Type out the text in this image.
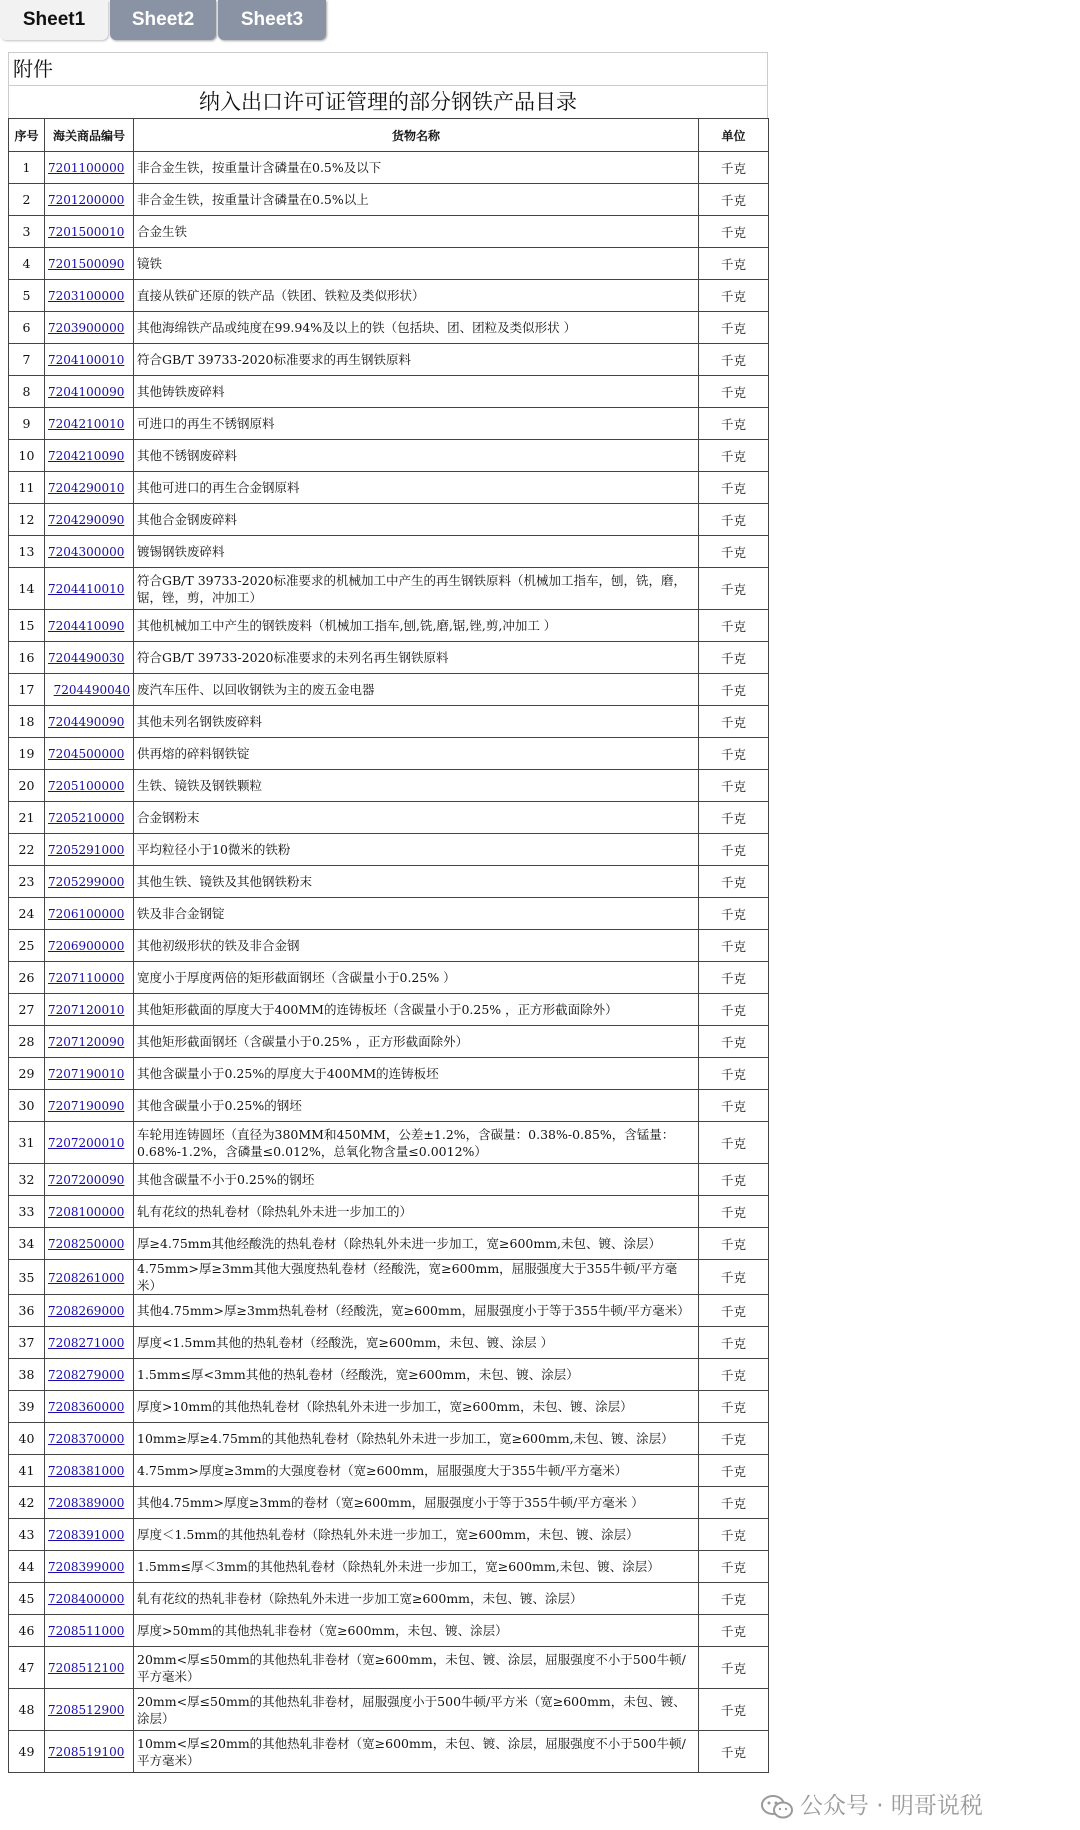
Sheet1	Sheet2	Sheet3
附件
纳入出口许可证管理的部分钢铁产品目录
序号	海关商品编号	货物名称	单位
1	7201100000	非合金生铁，按重量计含磷量在0.5%及以下	千克
2	7201200000	非合金生铁，按重量计含磷量在0.5%以上	千克
3	7201500010	合金生铁	千克
4	7201500090	镜铁	千克
5	7203100000	直接从铁矿还原的铁产品（铁团、铁粒及类似形状）	千克
6	7203900000	其他海绵铁产品或纯度在99.94%及以上的铁（包括块、团、团粒及类似形状 ）	千克
7	7204100010	符合GB/T 39733-2020标准要求的再生钢铁原料	千克
8	7204100090	其他铸铁废碎料	千克
9	7204210010	可进口的再生不锈钢原料	千克
10	7204210090	其他不锈钢废碎料	千克
11	7204290010	其他可进口的再生合金钢原料	千克
12	7204290090	其他合金钢废碎料	千克
13	7204300000	镀锡钢铁废碎料	千克
14	7204410010	符合GB/T 39733-2020标准要求的机械加工中产生的再生钢铁原料（机械加工指车，刨，铣，磨，锯，锉，剪，冲加工）	千克
15	7204410090	其他机械加工中产生的钢铁废料（机械加工指车,刨,铣,磨,锯,锉,剪,冲加工 ）	千克
16	7204490030	符合GB/T 39733-2020标准要求的未列名再生钢铁原料	千克
17	7204490040	废汽车压件、以回收钢铁为主的废五金电器	千克
18	7204490090	其他未列名钢铁废碎料	千克
19	7204500000	供再熔的碎料钢铁锭	千克
20	7205100000	生铁、镜铁及钢铁颗粒	千克
21	7205210000	合金钢粉末	千克
22	7205291000	平均粒径小于10微米的铁粉	千克
23	7205299000	其他生铁、镜铁及其他钢铁粉末	千克
24	7206100000	铁及非合金钢锭	千克
25	7206900000	其他初级形状的铁及非合金钢	千克
26	7207110000	宽度小于厚度两倍的矩形截面钢坯（含碳量小于0.25% ）	千克
27	7207120010	其他矩形截面的厚度大于400MM的连铸板坯（含碳量小于0.25% ，正方形截面除外）	千克
28	7207120090	其他矩形截面钢坯（含碳量小于0.25% ，正方形截面除外）	千克
29	7207190010	其他含碳量小于0.25%的厚度大于400MM的连铸板坯	千克
30	7207190090	其他含碳量小于0.25%的钢坯	千克
31	7207200010	车轮用连铸圆坯（直径为380MM和450MM，公差±1.2%，含碳量：0.38%-0.85%，含锰量：0.68%-1.2%，含磷量≤0.012%，总氧化物含量≤0.0012%）	千克
32	7207200090	其他含碳量不小于0.25%的钢坯	千克
33	7208100000	轧有花纹的热轧卷材（除热轧外未进一步加工的）	千克
34	7208250000	厚≥4.75mm其他经酸洗的热轧卷材（除热轧外未进一步加工，宽≥600mm,未包、镀、涂层）	千克
35	7208261000	4.75mm>厚≥3mm其他大强度热轧卷材（经酸洗，宽≥600mm，屈服强度大于355牛顿/平方毫米）	千克
36	7208269000	其他4.75mm>厚≥3mm热轧卷材（经酸洗，宽≥600mm，屈服强度小于等于355牛顿/平方毫米）	千克
37	7208271000	厚度<1.5mm其他的热轧卷材（经酸洗，宽≥600mm，未包、镀、涂层 ）	千克
38	7208279000	1.5mm≤厚<3mm其他的热轧卷材（经酸洗，宽≥600mm，未包、镀、涂层）	千克
39	7208360000	厚度>10mm的其他热轧卷材（除热轧外未进一步加工，宽≥600mm，未包、镀、涂层）	千克
40	7208370000	10mm≥厚≥4.75mm的其他热轧卷材（除热轧外未进一步加工，宽≥600mm,未包、镀、涂层）	千克
41	7208381000	4.75mm>厚度≥3mm的大强度卷材（宽≥600mm，屈服强度大于355牛顿/平方毫米）	千克
42	7208389000	其他4.75mm>厚度≥3mm的卷材（宽≥600mm，屈服强度小于等于355牛顿/平方毫米 ）	千克
43	7208391000	厚度＜1.5mm的其他热轧卷材（除热轧外未进一步加工，宽≥600mm，未包、镀、涂层）	千克
44	7208399000	1.5mm≤厚＜3mm的其他热轧卷材（除热轧外未进一步加工，宽≥600mm,未包、镀、涂层）	千克
45	7208400000	轧有花纹的热轧非卷材（除热轧外未进一步加工宽≥600mm，未包、镀、涂层）	千克
46	7208511000	厚度>50mm的其他热轧非卷材（宽≥600mm，未包、镀、涂层）	千克
47	7208512100	20mm<厚≤50mm的其他热轧非卷材（宽≥600mm，未包、镀、涂层，屈服强度不小于500牛顿/平方毫米）	千克
48	7208512900	20mm<厚≤50mm的其他热轧非卷材，屈服强度小于500牛顿/平方米（宽≥600mm，未包、镀、涂层）	千克
49	7208519100	10mm<厚≤20mm的其他热轧非卷材（宽≥600mm，未包、镀、涂层，屈服强度不小于500牛顿/平方毫米）	千克
公众号 · 明哥说税
